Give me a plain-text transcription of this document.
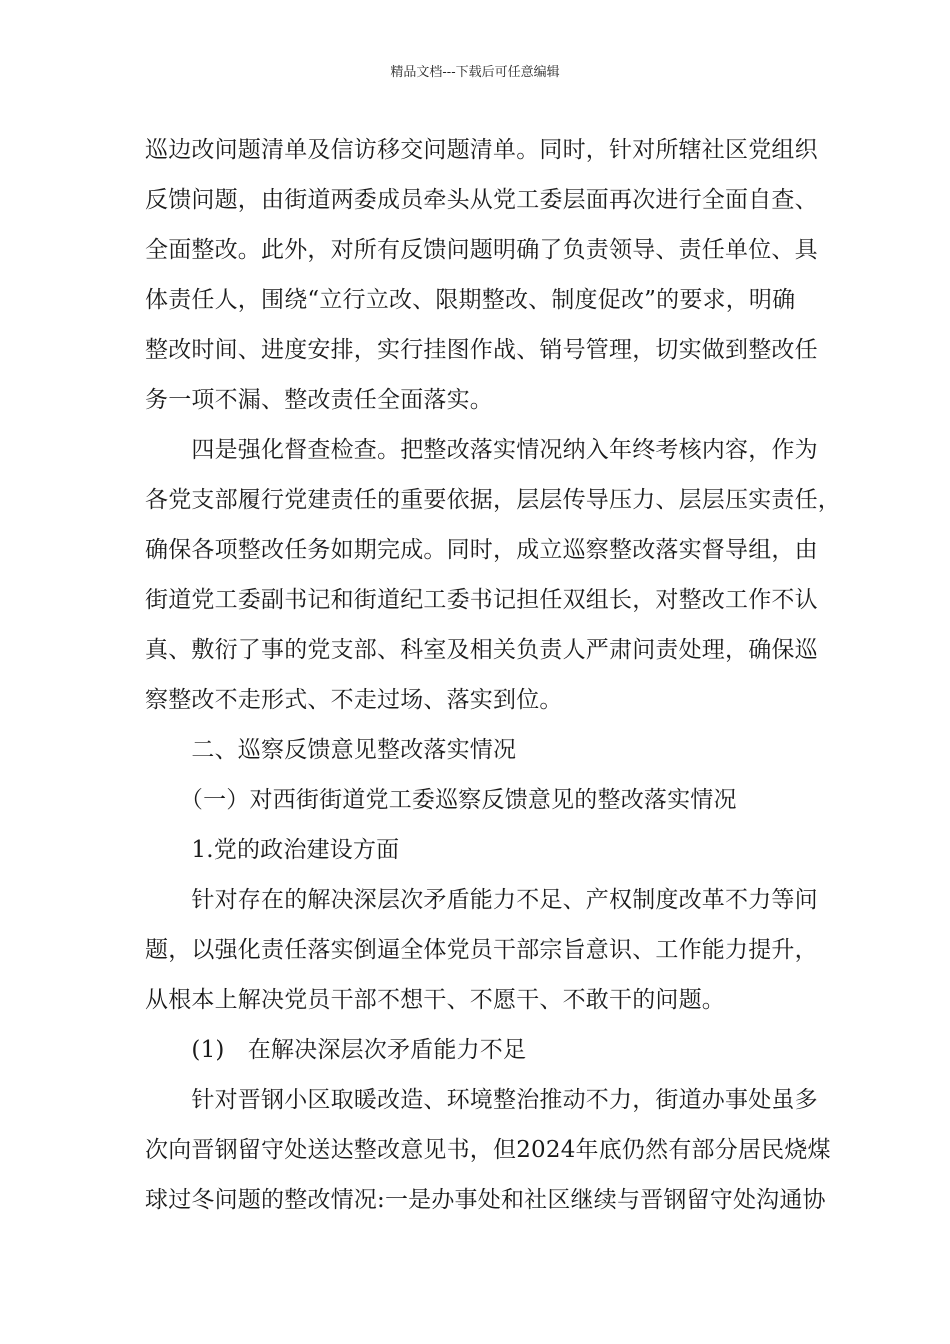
精品文档---下载后可任意编辑
巡边改问题清单及信访移交问题清单。同时，针对所辖社区党组织
反馈问题，由街道两委成员牵头从党工委层面再次进行全面自查、
全面整改。此外，对所有反馈问题明确了负责领导、责任单位、具
体责任人，围绕“立行立改、限期整改、制度促改”的要求，明确
整改时间、进度安排，实行挂图作战、销号管理，切实做到整改任
务一项不漏、整改责任全面落实。
　　四是强化督查检查。把整改落实情况纳入年终考核内容，作为
各党支部履行党建责任的重要依据，层层传导压力、层层压实责任，
确保各项整改任务如期完成。同时，成立巡察整改落实督导组，由
街道党工委副书记和街道纪工委书记担任双组长，对整改工作不认
真、敷衍了事的党支部、科室及相关负责人严肃问责处理，确保巡
察整改不走形式、不走过场、落实到位。
　　二、巡察反馈意见整改落实情况
　　（一）对西街街道党工委巡察反馈意见的整改落实情况
　　1.党的政治建设方面
　　针对存在的解决深层次矛盾能力不足、产权制度改革不力等问
题，以强化责任落实倒逼全体党员干部宗旨意识、工作能力提升，
从根本上解决党员干部不想干、不愿干、不敢干的问题。
　　(1)　在解决深层次矛盾能力不足
　　针对晋钢小区取暖改造、环境整治推动不力，街道办事处虽多
次向晋钢留守处送达整改意见书，但2024年底仍然有部分居民烧煤
球过冬问题的整改情况:一是办事处和社区继续与晋钢留守处沟通协
